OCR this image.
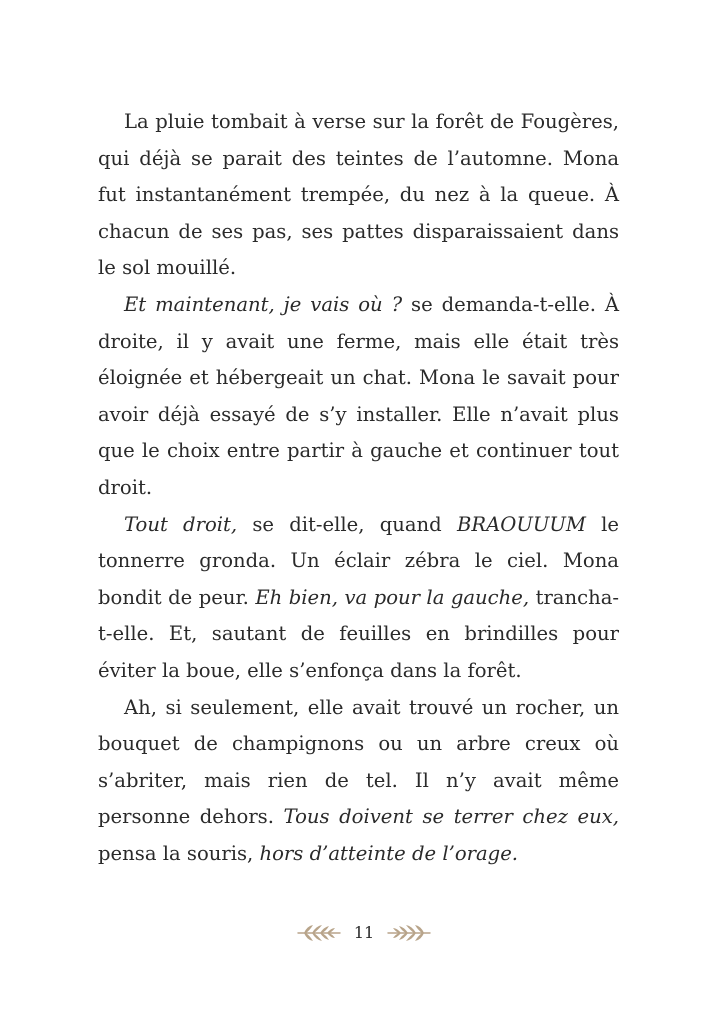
La pluie tombait à verse sur la forêt de Fougères, qui déjà se parait des teintes de l’automne. Mona fut instantanément trempée, du nez à la queue. À chacun de ses pas, ses pattes disparaissaient dans le sol mouillé.

Et maintenant, je vais où ? se demanda-t-elle. À droite, il y avait une ferme, mais elle était très éloignée et hébergeait un chat. Mona le savait pour avoir déjà essayé de s’y installer. Elle n’avait plus que le choix entre partir à gauche et continuer tout droit.

Tout droit, se dit-elle, quand BRAOUUUM le tonnerre gronda. Un éclair zébra le ciel. Mona bondit de peur. Eh bien, va pour la gauche, trancha-t-elle. Et, sautant de feuilles en brindilles pour éviter la boue, elle s’enfonça dans la forêt.

Ah, si seulement, elle avait trouvé un rocher, un bouquet de champignons ou un arbre creux où s’abriter, mais rien de tel. Il n’y avait même personne dehors. Tous doivent se terrer chez eux, pensa la souris, hors d’atteinte de l’orage.

11
